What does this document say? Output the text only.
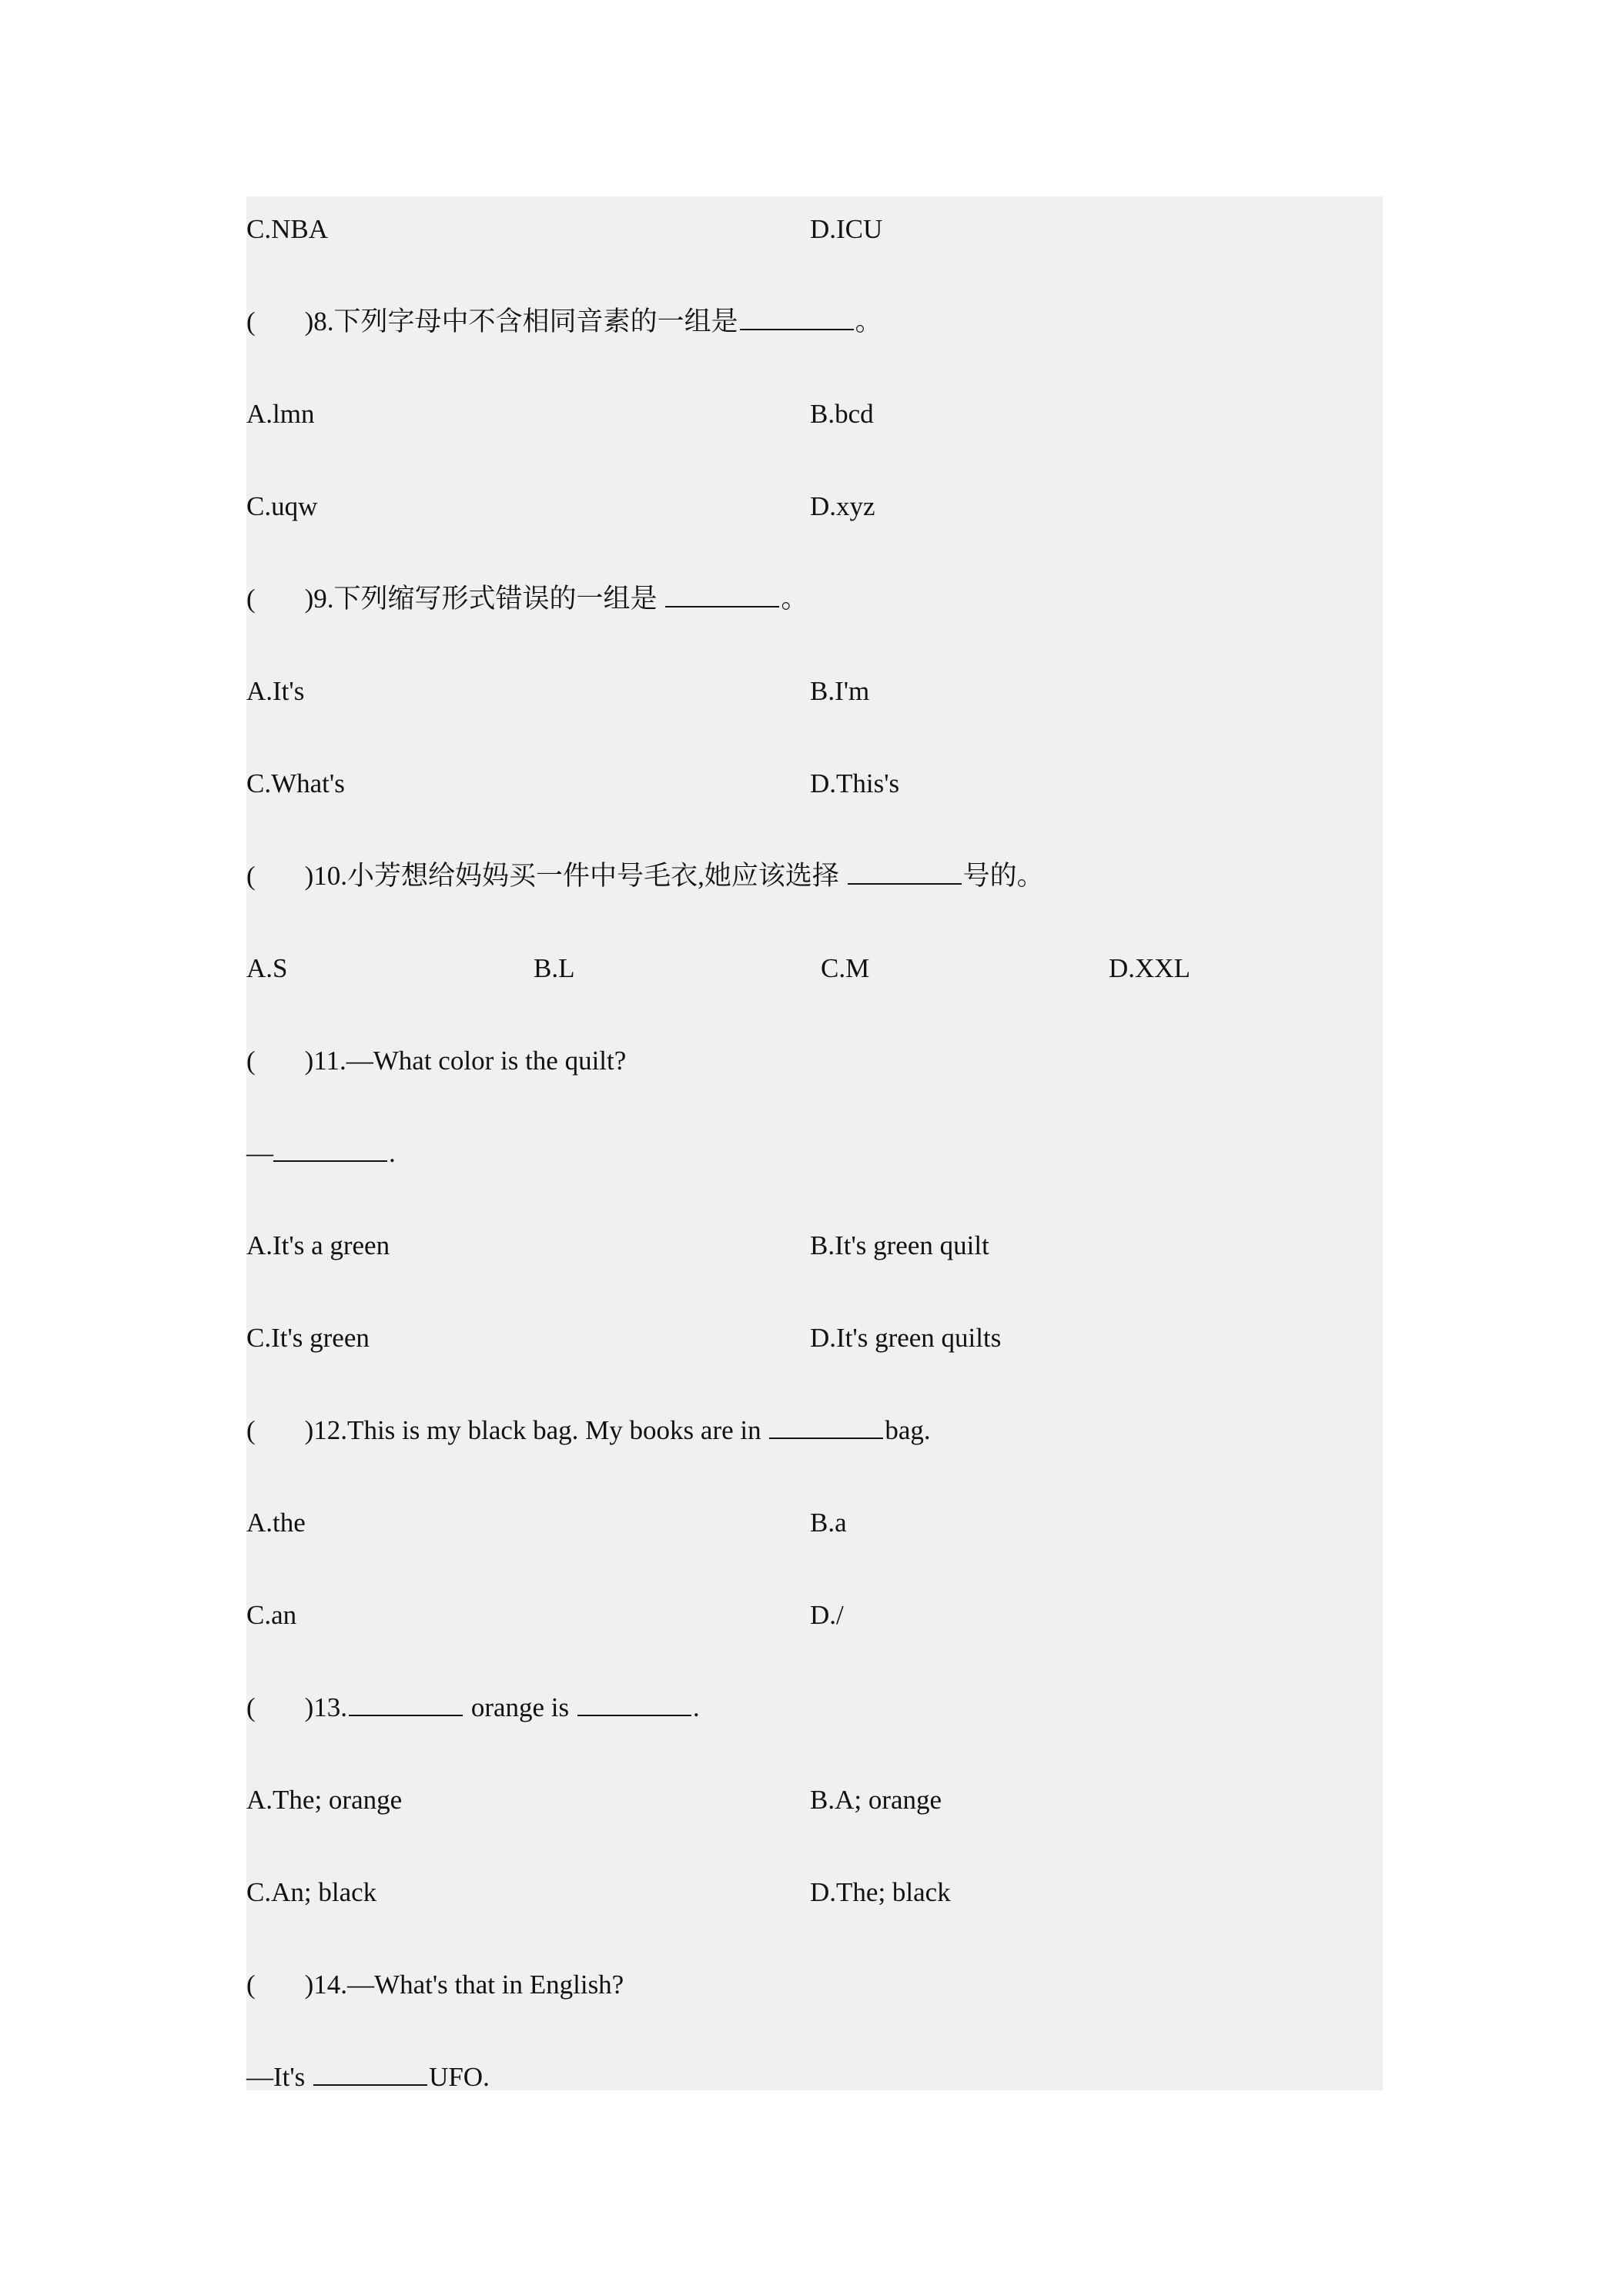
C.NBA	D.ICU
( )8.下列字母中不含相同音素的一组是	。
A.lmn	B.bcd
C.uqw	D.xyz
( )9.下列缩写形式错误的一组是	。
A.It's	B.I'm
C.What's	D.This's
( )10.小芳想给妈妈买一件中号毛衣,她应该选择	号的。
A.S	B.L	C.M	D.XXL
( )11.—What color is the quilt?
—	.
A.It's a green	B.It's green quilt
C.It's green	D.It's green quilts
( )12.This is my black bag. My books are in	bag.
A.the	B.a
C.an	D./
( )13.	orange is	.
A.The; orange	B.A; orange
C.An; black	D.The; black
( )14.—What's that in English?
—It's	UFO.
